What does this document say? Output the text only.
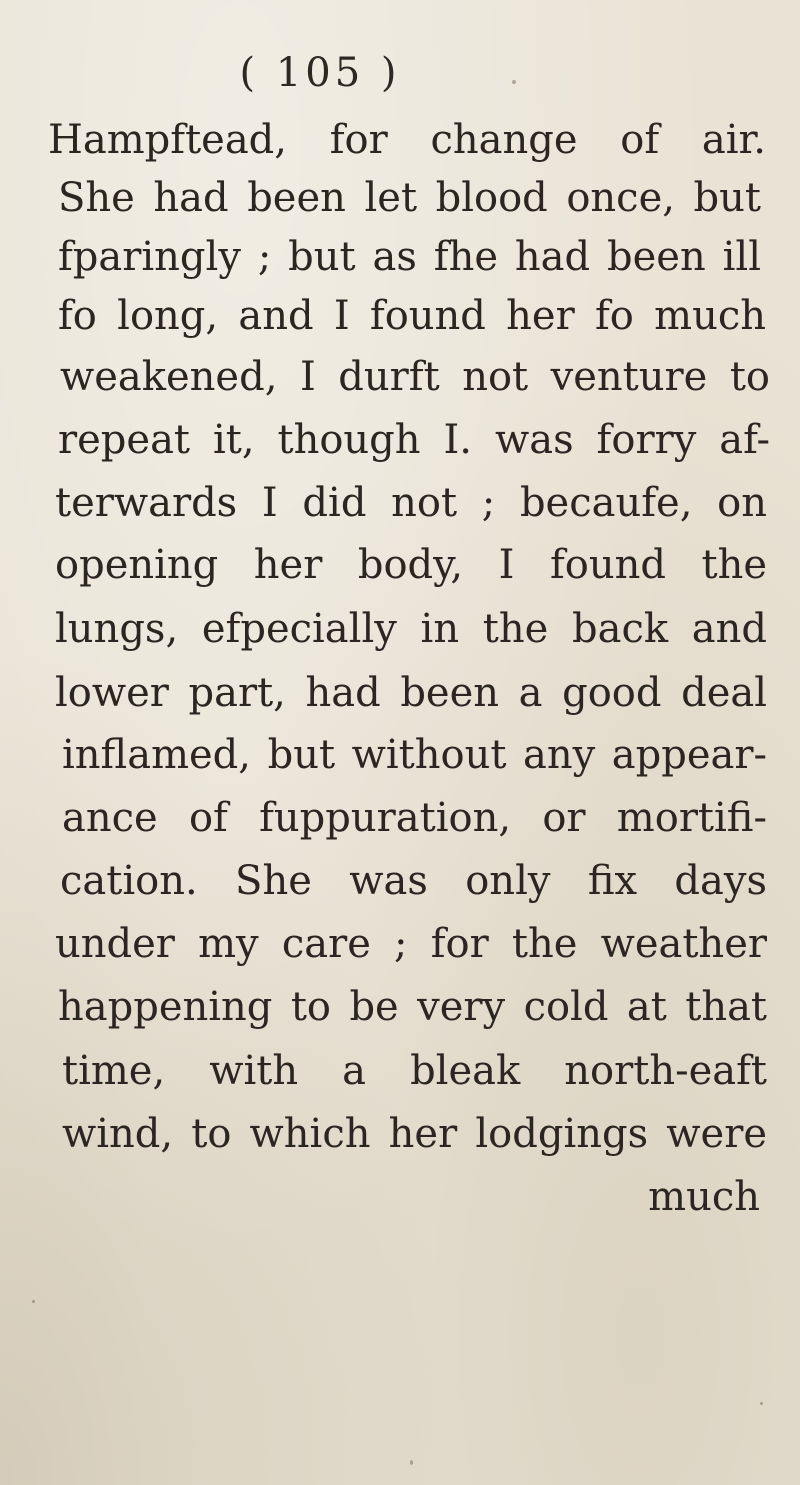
( 105 )
Hampftead, for change of air.
She had been let blood once, but
fparingly ; but as fhe had been ill
fo long, and I found her fo much
weakened, I durft not venture to
repeat it, though I. was forry af-
terwards I did not ; becaufe, on
opening her body, I found the
lungs, efpecially in the back and
lower part, had been a good deal
inflamed, but without any appear-
ance of fuppuration, or mortifi-
cation. She was only fix days
under my care ; for the weather
happening to be very cold at that
time, with a bleak north-eaft
wind, to which her lodgings were
much
